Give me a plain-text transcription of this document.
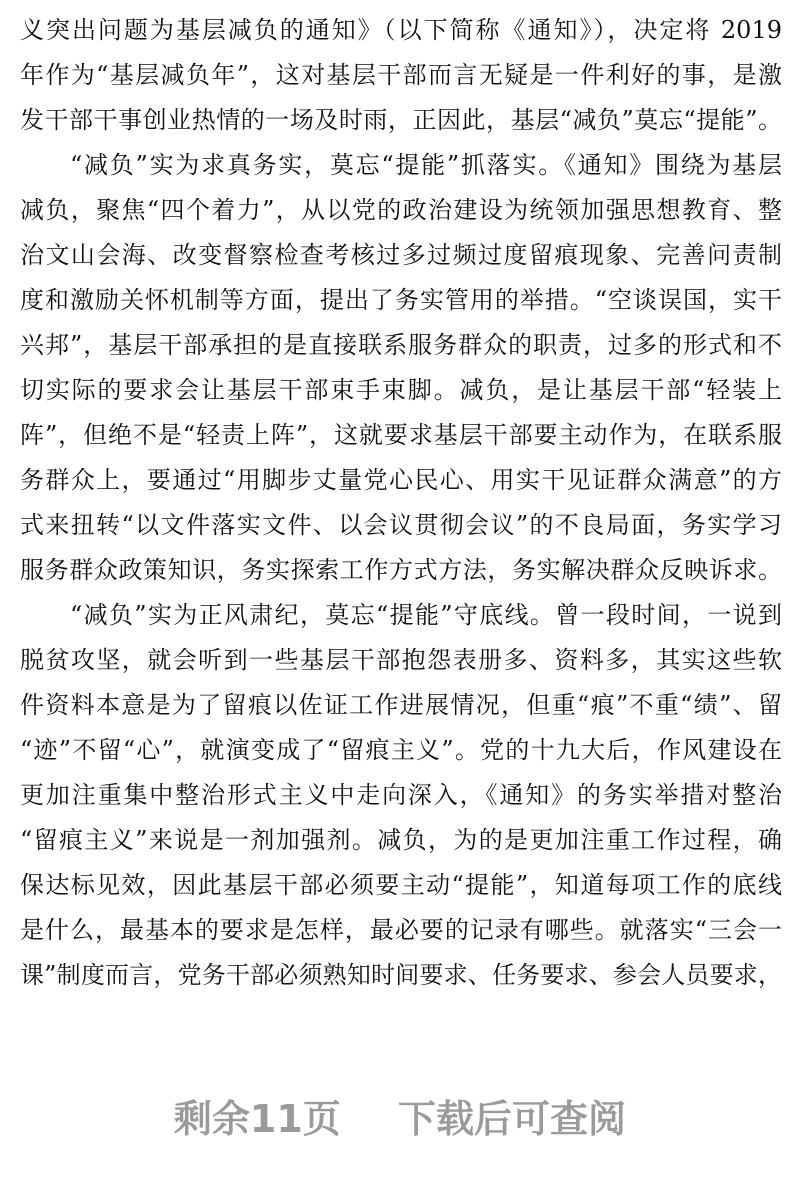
义突出问题为基层减负的通知》（以下简称《通知》），决定将 2019
年作为“基层减负年”，这对基层干部而言无疑是一件利好的事，是激
发干部干事创业热情的一场及时雨，正因此，基层“减负”莫忘“提能”。
“减负”实为求真务实，莫忘“提能”抓落实。《通知》围绕为基层
减负，聚焦“四个着力”，从以党的政治建设为统领加强思想教育、整
治文山会海、改变督察检查考核过多过频过度留痕现象、完善问责制
度和激励关怀机制等方面，提出了务实管用的举措。“空谈误国，实干
兴邦”，基层干部承担的是直接联系服务群众的职责，过多的形式和不
切实际的要求会让基层干部束手束脚。减负，是让基层干部“轻装上
阵”，但绝不是“轻责上阵”，这就要求基层干部要主动作为，在联系服
务群众上，要通过“用脚步丈量党心民心、用实干见证群众满意”的方
式来扭转“以文件落实文件、以会议贯彻会议”的不良局面，务实学习
服务群众政策知识，务实探索工作方式方法，务实解决群众反映诉求。
“减负”实为正风肃纪，莫忘“提能”守底线。曾一段时间，一说到
脱贫攻坚，就会听到一些基层干部抱怨表册多、资料多，其实这些软
件资料本意是为了留痕以佐证工作进展情况，但重“痕”不重“绩”、留
“迹”不留“心”，就演变成了“留痕主义”。党的十九大后，作风建设在
更加注重集中整治形式主义中走向深入，《通知》的务实举措对整治
“留痕主义”来说是一剂加强剂。减负，为的是更加注重工作过程，确
保达标见效，因此基层干部必须要主动“提能”，知道每项工作的底线
是什么，最基本的要求是怎样，最必要的记录有哪些。就落实“三会一
课”制度而言，党务干部必须熟知时间要求、任务要求、参会人员要求，
剩余11页 下载后可查阅
